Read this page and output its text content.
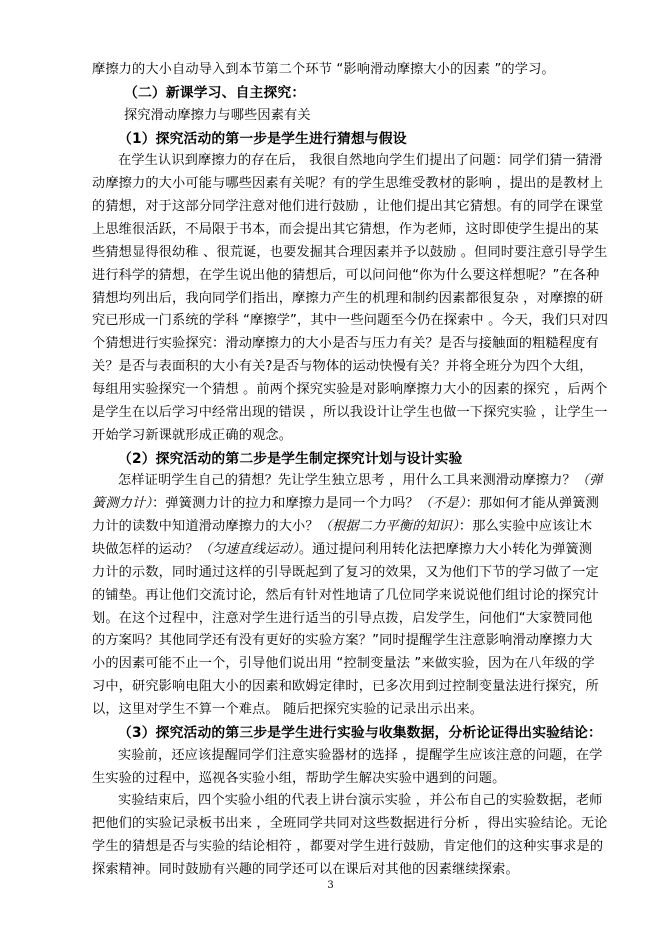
摩擦力的大小自动导入到本节第二个环节 “影响滑动摩擦大小的因素 ”的学习。
（二）新课学习、自主探究：
探究滑动摩擦力与哪些因素有关
（1）探究活动的第一步是学生进行猜想与假设
在学生认识到摩擦力的存在后， 我很自然地向学生们提出了问题：同学们猜一猜滑
动摩擦力的大小可能与哪些因素有关呢？有的学生思维受教材的影响 ，提出的是教材上
的猜想，对于这部分同学注意对他们进行鼓励 ，让他们提出其它猜想。有的同学在课堂
上思维很活跃，不局限于书本，而会提出其它猜想，作为老师，这时即使学生提出的某
些猜想显得很幼稚 、很荒诞，也要发掘其合理因素并予以鼓励 。但同时要注意引导学生
进行科学的猜想，在学生说出他的猜想后，可以问问他“你为什么要这样想呢？”在各种
猜想均列出后，我向同学们指出，摩擦力产生的机理和制约因素都很复杂 ，对摩擦的研
究已形成一门系统的学科 “摩擦学”，其中一些问题至今仍在探索中 。今天，我们只对四
个猜想进行实验探究：滑动摩擦力的大小是否与压力有关？是否与接触面的粗糙程度有
关？是否与表面积的大小有关?是否与物体的运动快慢有关？并将全班分为四个大组，
每组用实验探究一个猜想 。前两个探究实验是对影响摩擦力大小的因素的探究 ，后两个
是学生在以后学习中经常出现的错误 ，所以我设计让学生也做一下探究实验 ，让学生一
开始学习新课就形成正确的观念。
（2）探究活动的第二步是学生制定探究计划与设计实验
怎样证明学生自己的猜想？先让学生独立思考 ，用什么工具来测滑动摩擦力？（弹
簧测力计）：弹簧测力计的拉力和摩擦力是同一个力吗？（不是）：那如何才能从弹簧测
力计的读数中知道滑动摩擦力的大小？（根据二力平衡的知识）：那么实验中应该让木
块做怎样的运动？（匀速直线运动）。通过提问利用转化法把摩擦力大小转化为弹簧测
力计的示数，同时通过这样的引导既起到了复习的效果，又为他们下节的学习做了一定
的铺垫。再让他们交流讨论，然后有针对性地请了几位同学来说说他们组讨论的探究计
划。在这个过程中，注意对学生进行适当的引导点拨，启发学生，问他们“大家赞同他
的方案吗？其他同学还有没有更好的实验方案？”同时提醒学生注意影响滑动摩擦力大
小的因素可能不止一个，引导他们说出用 “控制变量法 ”来做实验，因为在八年级的学
习中，研究影响电阻大小的因素和欧姆定律时，已多次用到过控制变量法进行探究，所
以，这里对学生不算一个难点。 随后把探究实验的记录出示出来。
（3）探究活动的第三步是学生进行实验与收集数据，分析论证得出实验结论：
实验前，还应该提醒同学们注意实验器材的选择 ，提醒学生应该注意的问题，在学
生实验的过程中，巡视各实验小组，帮助学生解决实验中遇到的问题。
实验结束后，四个实验小组的代表上讲台演示实验 ，并公布自己的实验数据，老师
把他们的实验记录板书出来 ，全班同学共同对这些数据进行分析 ，得出实验结论。无论
学生的猜想是否与实验的结论相符 ，都要对学生进行鼓励，肯定他们的这种实事求是的
探索精神。同时鼓励有兴趣的同学还可以在课后对其他的因素继续探索。
3
